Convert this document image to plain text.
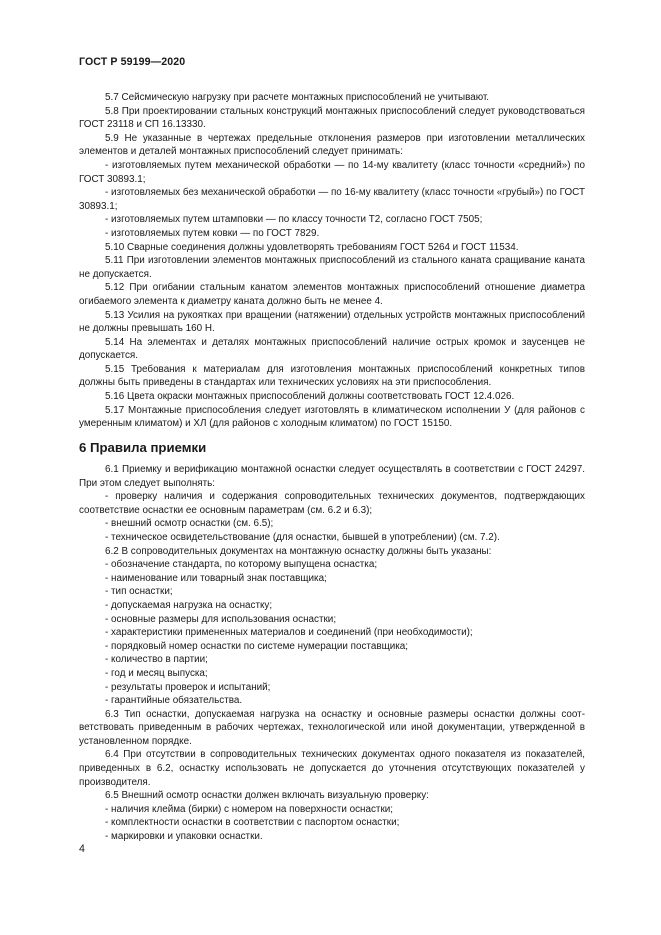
ГОСТ Р 59199—2020

5.7 Сейсмическую нагрузку при расчете монтажных приспособлений не учитывают.

5.8 При проектировании стальных конструкций монтажных приспособлений следует руководствоваться ГОСТ 23118 и СП 16.13330.

5.9 Не указанные в чертежах предельные отклонения размеров при изготовлении металлических элементов и деталей монтажных приспособлений следует принимать:

- изготовляемых путем механической обработки — по 14-му квалитету (класс точности «средний») по ГОСТ 30893.1;

- изготовляемых без механической обработки — по 16-му квалитету (класс точности «грубый») по ГОСТ 30893.1;

- изготовляемых путем штамповки — по классу точности Т2, согласно ГОСТ 7505;

- изготовляемых путем ковки — по ГОСТ 7829.

5.10 Сварные соединения должны удовлетворять требованиям ГОСТ 5264 и ГОСТ 11534.

5.11 При изготовлении элементов монтажных приспособлений из стального каната сращивание каната не допускается.

5.12 При огибании стальным канатом элементов монтажных приспособлений отношение диаметра огибаемого элемента к диаметру каната должно быть не менее 4.

5.13 Усилия на рукоятках при вращении (натяжении) отдельных устройств монтажных приспособлений не должны превышать 160 Н.

5.14 На элементах и деталях монтажных приспособлений наличие острых кромок и заусенцев не допускается.

5.15 Требования к материалам для изготовления монтажных приспособлений конкретных типов должны быть приведены в стандартах или технических условиях на эти приспособления.

5.16 Цвета окраски монтажных приспособлений должны соответствовать ГОСТ 12.4.026.

5.17 Монтажные приспособления следует изготовлять в климатическом исполнении У (для районов с умеренным климатом) и ХЛ (для районов с холодным климатом) по ГОСТ 15150.

6 Правила приемки

6.1 Приемку и верификацию монтажной оснастки следует осуществлять в соответствии с ГОСТ 24297. При этом следует выполнять:

- проверку наличия и содержания сопроводительных технических документов, подтверждающих соответствие оснастки ее основным параметрам (см. 6.2 и 6.3);

- внешний осмотр оснастки (см. 6.5);

- техническое освидетельствование (для оснастки, бывшей в употреблении) (см. 7.2).

6.2 В сопроводительных документах на монтажную оснастку должны быть указаны:

- обозначение стандарта, по которому выпущена оснастка;

- наименование или товарный знак поставщика;

- тип оснастки;

- допускаемая нагрузка на оснастку;

- основные размеры для использования оснастки;

- характеристики примененных материалов и соединений (при необходимости);

- порядковый номер оснастки по системе нумерации поставщика;

- количество в партии;

- год и месяц выпуска;

- результаты проверок и испытаний;

- гарантийные обязательства.

6.3 Тип оснастки, допускаемая нагрузка на оснастку и основные размеры оснастки должны соответствовать приведенным в рабочих чертежах, технологической или иной документации, утвержденной в установленном порядке.

6.4 При отсутствии в сопроводительных технических документах одного показателя из показателей, приведенных в 6.2, оснастку использовать не допускается до уточнения отсутствующих показателей у производителя.

6.5 Внешний осмотр оснастки должен включать визуальную проверку:

- наличия клейма (бирки) с номером на поверхности оснастки;

- комплектности оснастки в соответствии с паспортом оснастки;

- маркировки и упаковки оснастки.

4
